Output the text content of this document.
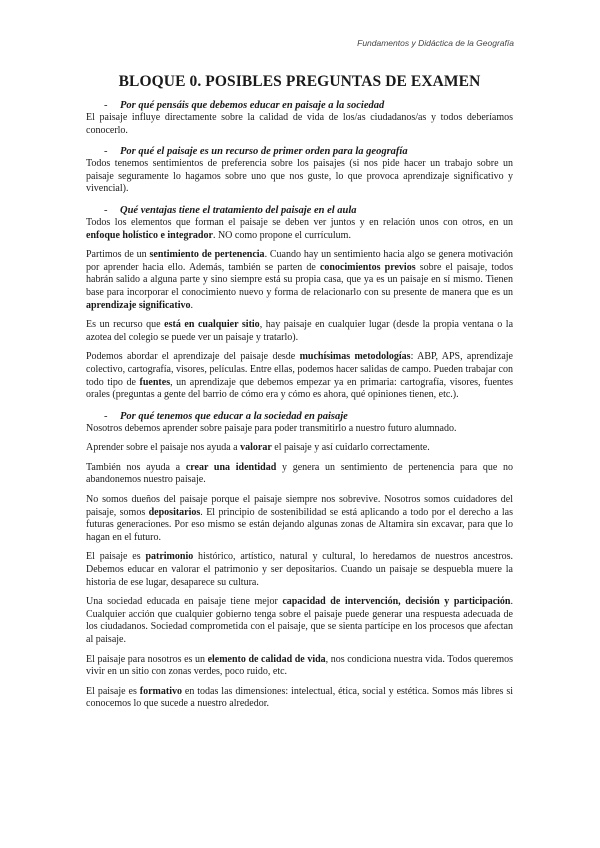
Fundamentos y Didáctica de la Geografía
BLOQUE 0. POSIBLES PREGUNTAS DE EXAMEN

- Por qué pensáis que debemos educar en paisaje a la sociedad

El paisaje influye directamente sobre la calidad de vida de los/as ciudadanos/as y todos deberíamos conocerlo.

- Por qué el paisaje es un recurso de primer orden para la geografía

Todos tenemos sentimientos de preferencia sobre los paisajes (si nos pide hacer un trabajo sobre un paisaje seguramente lo hagamos sobre uno que nos guste, lo que provoca aprendizaje significativo y vivencial).

- Qué ventajas tiene el tratamiento del paisaje en el aula

Todos los elementos que forman el paisaje se deben ver juntos y en relación unos con otros, en un enfoque holístico e integrador. NO como propone el currículum.

Partimos de un sentimiento de pertenencia. Cuando hay un sentimiento hacia algo se genera motivación por aprender hacia ello. Además, también se parten de conocimientos previos sobre el paisaje, todos habrán salido a alguna parte y sino siempre está su propia casa, que ya es un paisaje en sí mismo. Tienen base para incorporar el conocimiento nuevo y forma de relacionarlo con su presente de manera que es un aprendizaje significativo.

Es un recurso que está en cualquier sitio, hay paisaje en cualquier lugar (desde la propia ventana o la azotea del colegio se puede ver un paisaje y tratarlo).

Podemos abordar el aprendizaje del paisaje desde muchísimas metodologías: ABP, APS, aprendizaje colectivo, cartografía, visores, películas. Entre ellas, podemos hacer salidas de campo. Pueden trabajar con todo tipo de fuentes, un aprendizaje que debemos empezar ya en primaria: cartografía, visores, fuentes orales (preguntas a gente del barrio de cómo era y cómo es ahora, qué opiniones tienen, etc.).

- Por qué tenemos que educar a la sociedad en paisaje

Nosotros debemos aprender sobre paisaje para poder transmitirlo a nuestro futuro alumnado.

Aprender sobre el paisaje nos ayuda a valorar el paisaje y así cuidarlo correctamente.

También nos ayuda a crear una identidad y genera un sentimiento de pertenencia para que no abandonemos nuestro paisaje.

No somos dueños del paisaje porque el paisaje siempre nos sobrevive. Nosotros somos cuidadores del paisaje, somos depositarios. El principio de sostenibilidad se está aplicando a todo por el derecho a las futuras generaciones. Por eso mismo se están dejando algunas zonas de Altamira sin excavar, para que lo hagan en el futuro.

El paisaje es patrimonio histórico, artístico, natural y cultural, lo heredamos de nuestros ancestros. Debemos educar en valorar el patrimonio y ser depositarios. Cuando un paisaje se despuebla muere la historia de ese lugar, desaparece su cultura.

Una sociedad educada en paisaje tiene mejor capacidad de intervención, decisión y participación. Cualquier acción que cualquier gobierno tenga sobre el paisaje puede generar una respuesta adecuada de los ciudadanos. Sociedad comprometida con el paisaje, que se sienta partícipe en los procesos que afectan al paisaje.

El paisaje para nosotros es un elemento de calidad de vida, nos condiciona nuestra vida. Todos queremos vivir en un sitio con zonas verdes, poco ruido, etc.

El paisaje es formativo en todas las dimensiones: intelectual, ética, social y estética. Somos más libres si conocemos lo que sucede a nuestro alrededor.
